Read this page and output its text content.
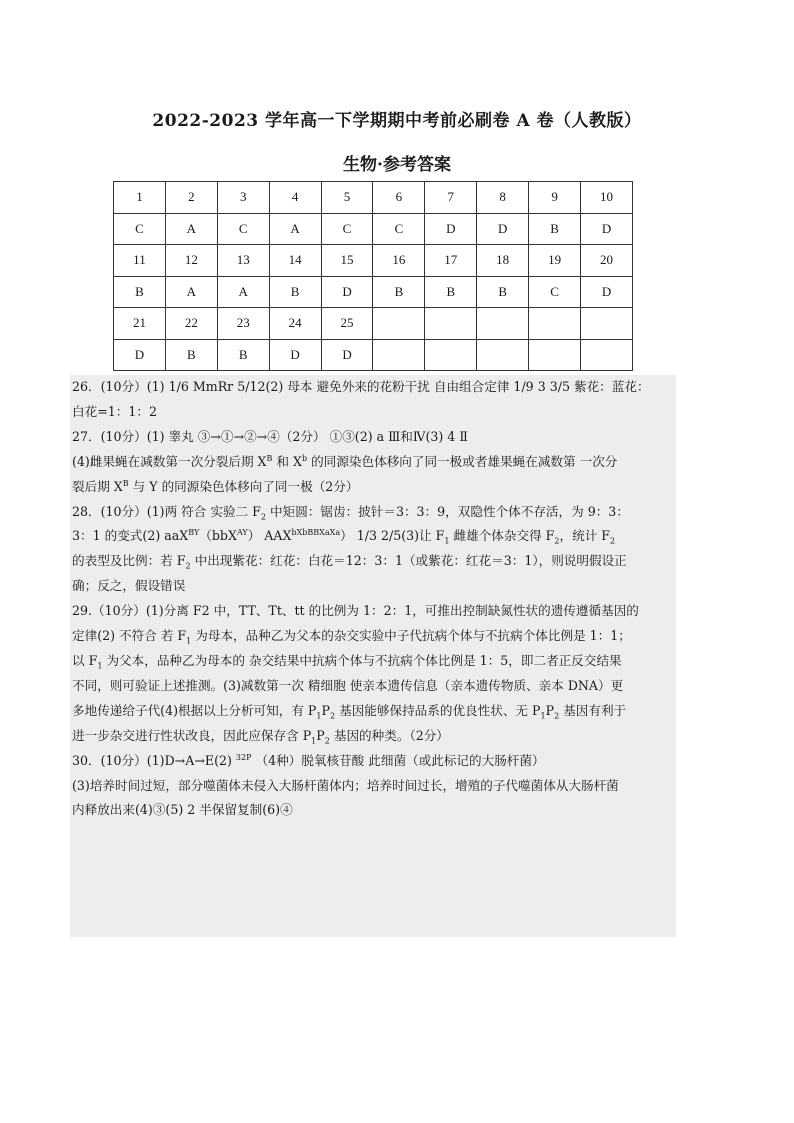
2022-2023 学年高一下学期期中考前必刷卷 A 卷（人教版）
生物·参考答案
1	2	3	4	5	6	7	8	9	10
C	A	C	A	C	C	D	D	B	D
11	12	13	14	15	16	17	18	19	20
B	A	A	B	D	B	B	B	C	D
21	22	23	24	25					
D	B	B	D	D					

26．(10分）(1) 1/6 MmRr 5/12(2) 母本 避免外来的花粉干扰 自由组合定律 1/9 3 3/5 紫花：蓝花：

白花=1：1：2

27．(10分）(1) 睾丸 ③→①→②→④（2分） ①③(2) a Ⅲ和Ⅳ(3) 4 Ⅱ

(4)雌果蝇在减数第一次分裂后期 $X^B$ 和 $X^b$ 的同源染色体移向了同一极或者雄果蝇在减数第 一次分

裂后期 $X^B$ 与 Y 的同源染色体移向了同一极（2分）

28．(10分）(1)两 符合 实验二 $F_2$ 中矩圆：锯齿：披针＝3：3：9，双隐性个体不存活，为 9：3：

3：1 的变式(2) aaX$^{BY}$（bbX$^{AY}$） $AAX^{bXbBBXaXa}$） 1/3 2/5(3)让 $F_1$ 雌雄个体杂交得 $F_2$，统计 $F_2$

的表型及比例：若 $F_2$ 中出现紫花：红花：白花＝12：3：1（或紫花：红花＝3：1），则说明假设正

确；反之，假设错误

29.（10分）(1)分离 F2 中，TT、Tt、tt 的比例为 1：2：1，可推出控制缺氮性状的遗传遵循基因的

定律(2) 不符合 若 $F_1$ 为母本，品种乙为父本的杂交实验中子代抗病个体与不抗病个体比例是 1：1；

以 $F_1$ 为父本，品种乙为母本的 杂交结果中抗病个体与不抗病个体比例是 1：5，即二者正反交结果

不同，则可验证上述推测。(3)减数第一次 精细胞 使亲本遗传信息（亲本遗传物质、亲本 DNA）更

多地传递给子代(4)根据以上分析可知，有 $P_1P_2$ 基因能够保持品系的优良性状、无 $P_1P_2$ 基因有利于

进一步杂交进行性状改良，因此应保存含 $P_1P_2$ 基因的种类。（2分）

30．(10分）(1)D→A→E(2) $^{32P}$ （4种）脱氧核苷酸 此细菌（或此标记的大肠杆菌）

(3)培养时间过短，部分噬菌体未侵入大肠杆菌体内；培养时间过长，增殖的子代噬菌体从大肠杆菌

内释放出来(4)③(5) 2 半保留复制(6)④
